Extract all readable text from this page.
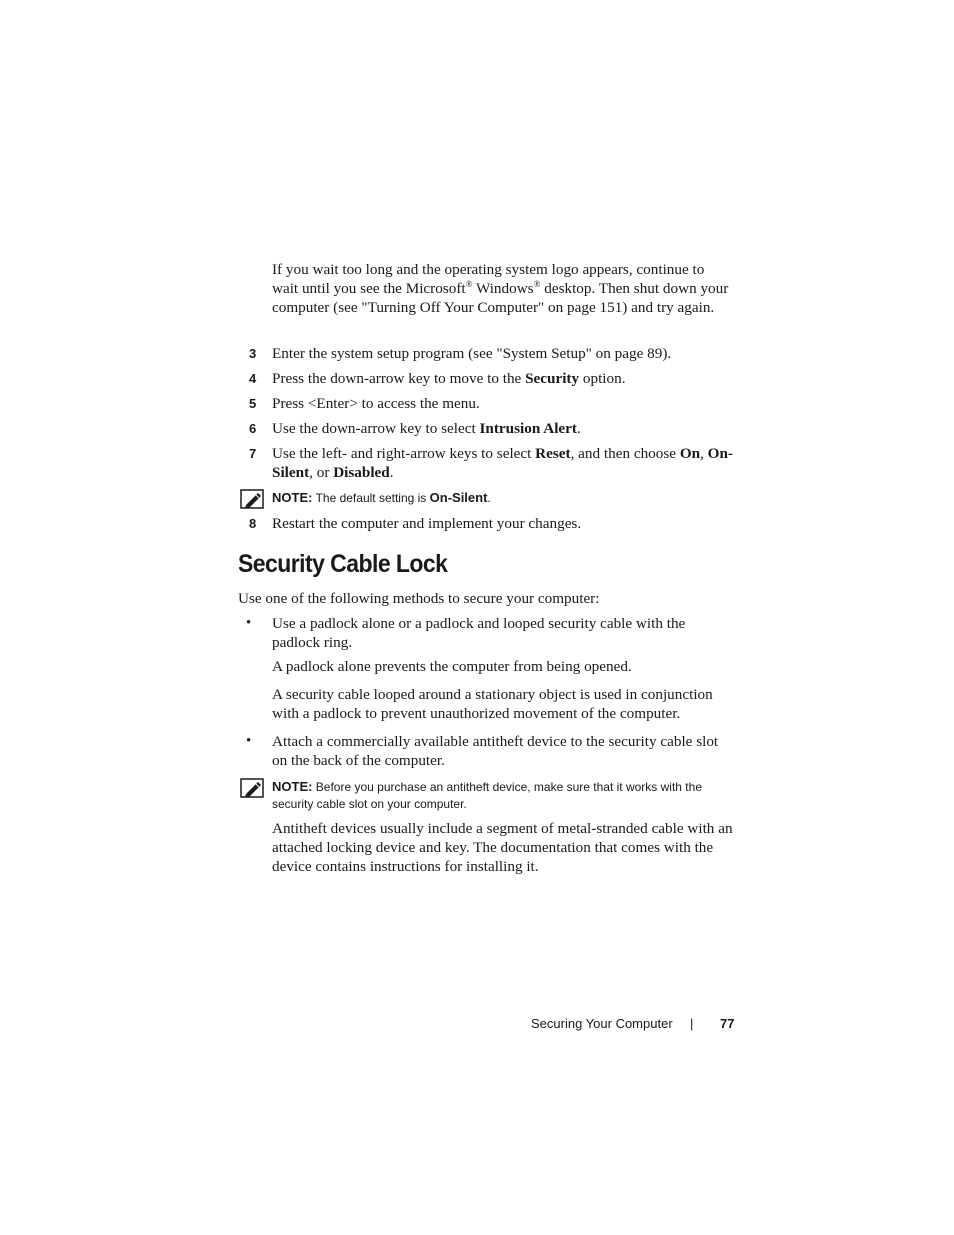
If you wait too long and the operating system logo appears, continue to wait until you see the Microsoft® Windows® desktop. Then shut down your computer (see "Turning Off Your Computer" on page 151) and try again.
3	Enter the system setup program (see "System Setup" on page 89).
4	Press the down-arrow key to move to the Security option.
5	Press <Enter> to access the menu.
6	Use the down-arrow key to select Intrusion Alert.
7	Use the left- and right-arrow keys to select Reset, and then choose On, On-Silent, or Disabled.
NOTE: The default setting is On-Silent.
8	Restart the computer and implement your changes.
Security Cable Lock
Use one of the following methods to secure your computer:
• Use a padlock alone or a padlock and looped security cable with the padlock ring.
A padlock alone prevents the computer from being opened.
A security cable looped around a stationary object is used in conjunction with a padlock to prevent unauthorized movement of the computer.
• Attach a commercially available antitheft device to the security cable slot on the back of the computer.
NOTE: Before you purchase an antitheft device, make sure that it works with the security cable slot on your computer.
Antitheft devices usually include a segment of metal-stranded cable with an attached locking device and key. The documentation that comes with the device contains instructions for installing it.
Securing Your Computer | 77
